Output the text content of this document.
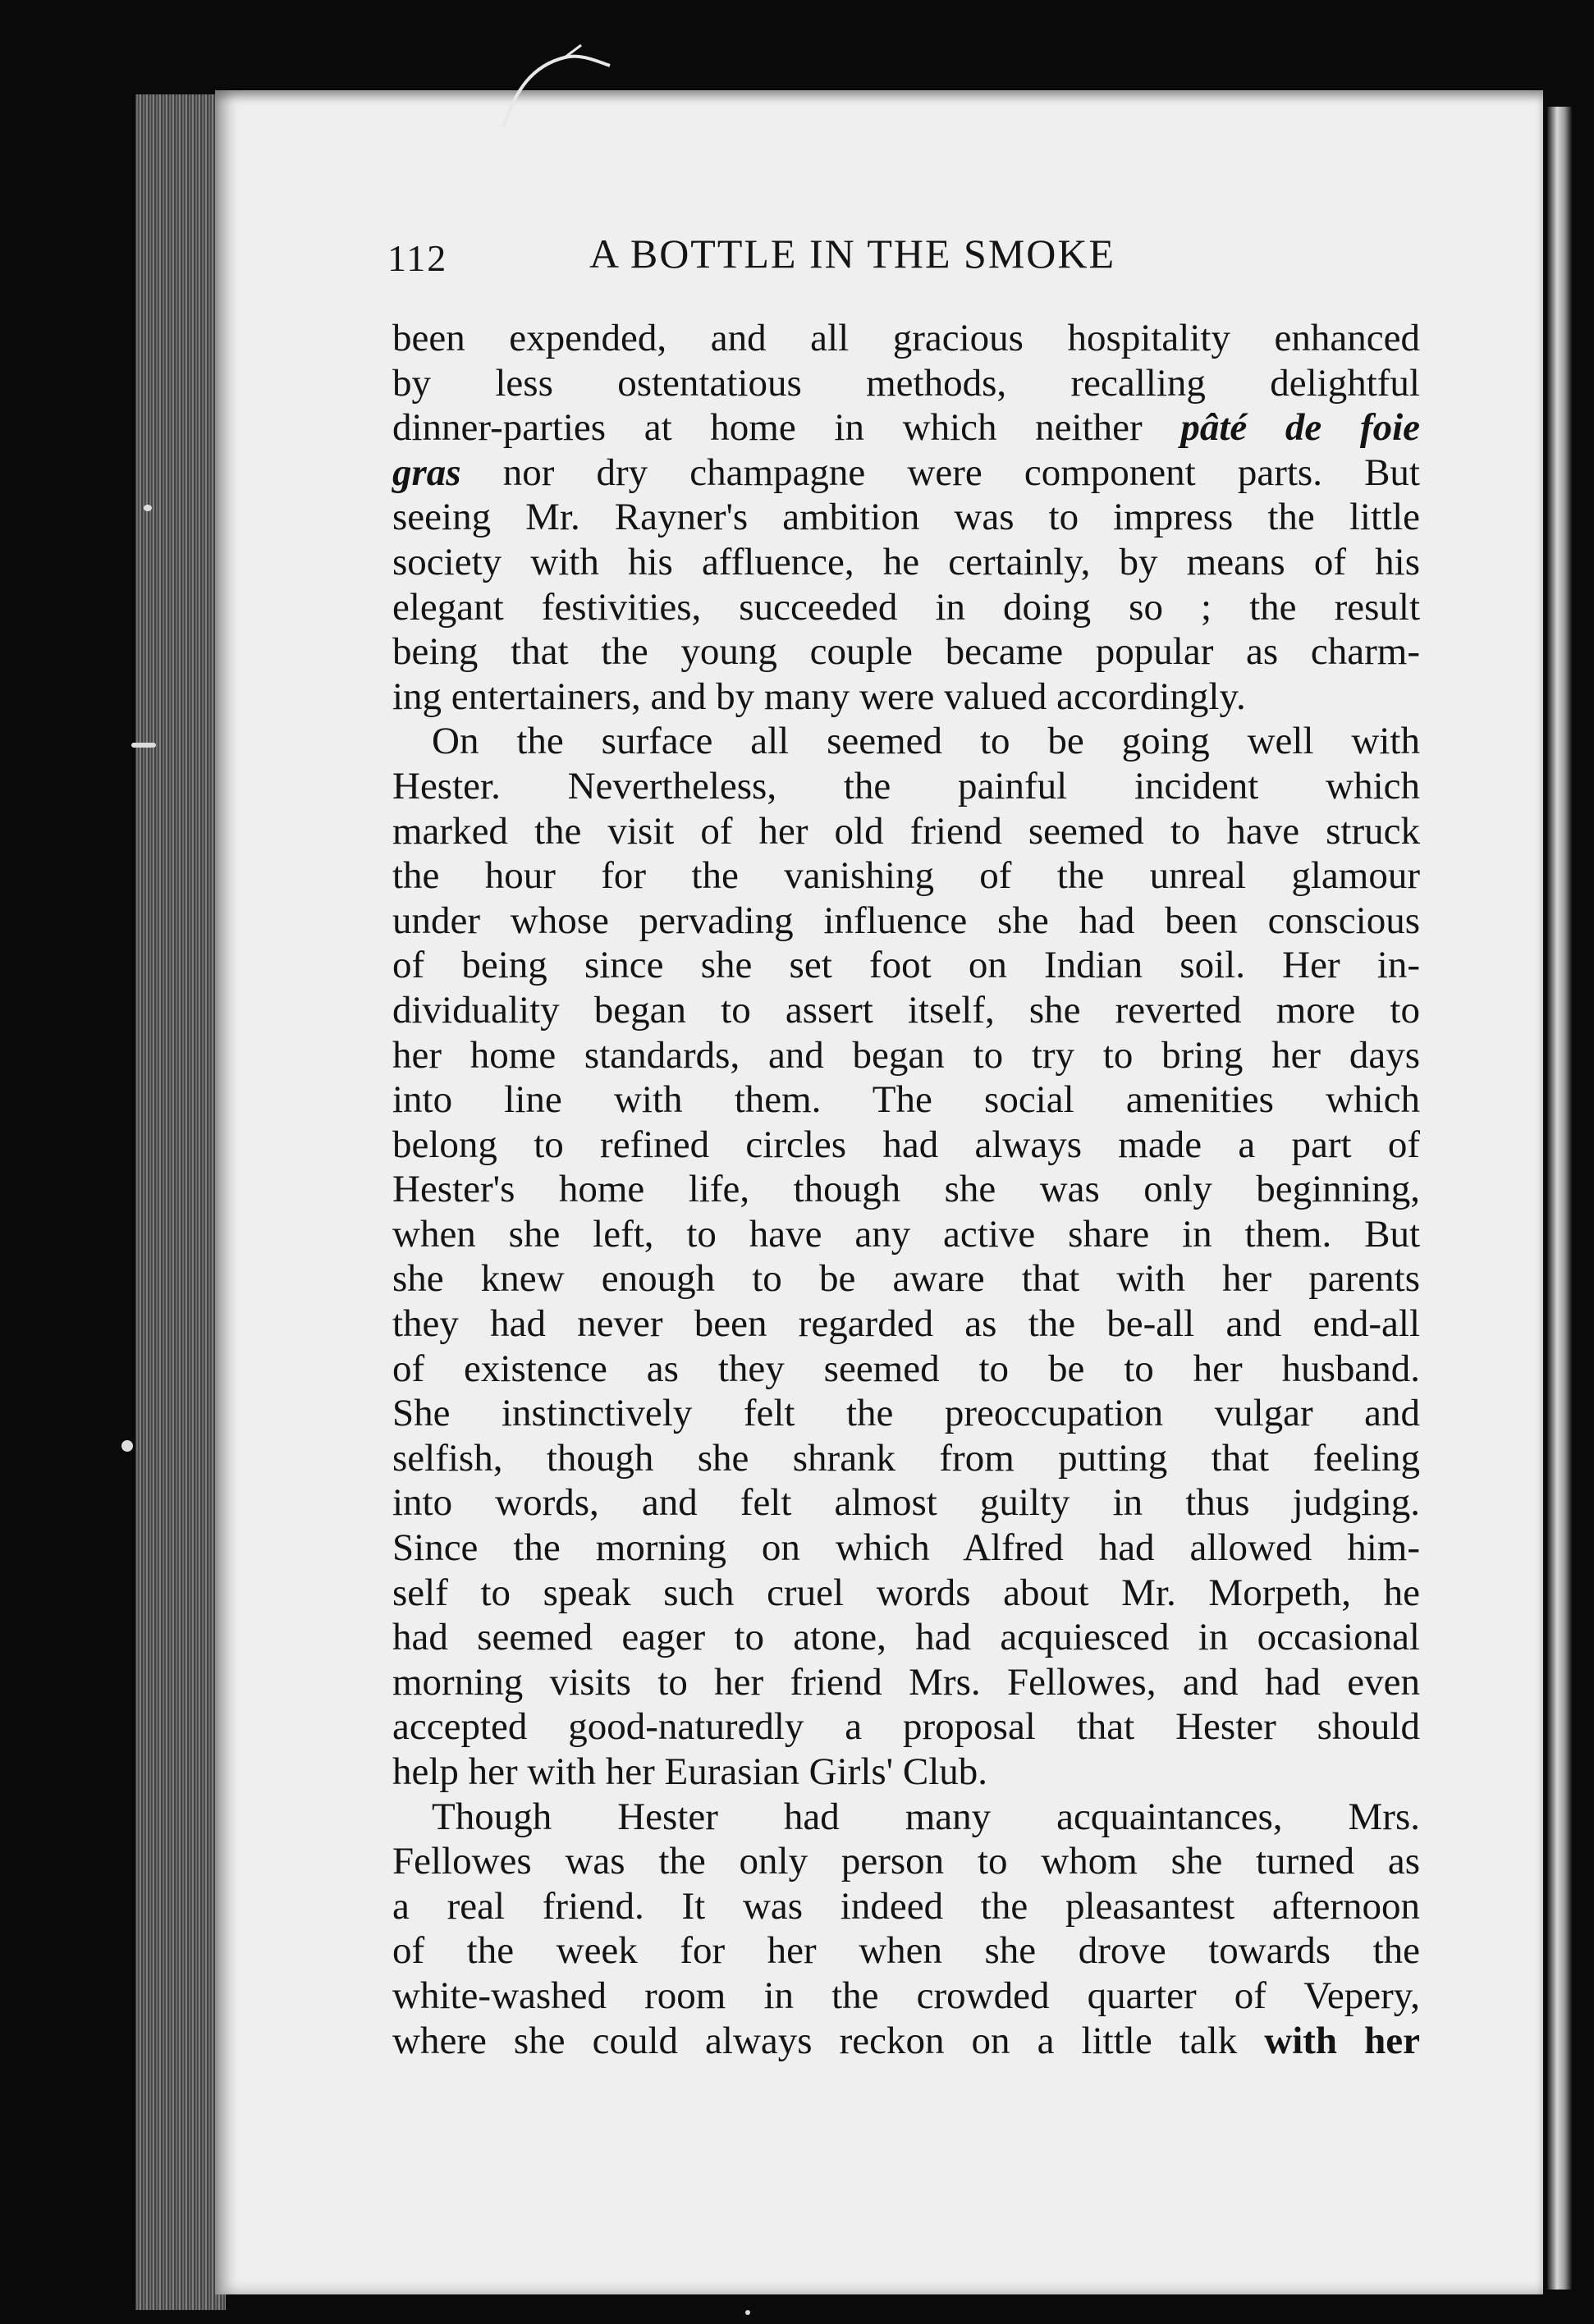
112	A BOTTLE IN THE SMOKE
been expended, and all gracious hospitality enhanced
by less ostentatious methods, recalling delightful
dinner-parties at home in which neither pâté de foie
gras nor dry champagne were component parts. But
seeing Mr. Rayner's ambition was to impress the little
society with his affluence, he certainly, by means of his
elegant festivities, succeeded in doing so ; the result
being that the young couple became popular as charm-
ing entertainers, and by many were valued accordingly.
On the surface all seemed to be going well with
Hester. Nevertheless, the painful incident which
marked the visit of her old friend seemed to have struck
the hour for the vanishing of the unreal glamour
under whose pervading influence she had been conscious
of being since she set foot on Indian soil. Her in-
dividuality began to assert itself, she reverted more to
her home standards, and began to try to bring her days
into line with them. The social amenities which
belong to refined circles had always made a part of
Hester's home life, though she was only beginning,
when she left, to have any active share in them. But
she knew enough to be aware that with her parents
they had never been regarded as the be-all and end-all
of existence as they seemed to be to her husband.
She instinctively felt the preoccupation vulgar and
selfish, though she shrank from putting that feeling
into words, and felt almost guilty in thus judging.
Since the morning on which Alfred had allowed him-
self to speak such cruel words about Mr. Morpeth, he
had seemed eager to atone, had acquiesced in occasional
morning visits to her friend Mrs. Fellowes, and had even
accepted good-naturedly a proposal that Hester should
help her with her Eurasian Girls' Club.
Though Hester had many acquaintances, Mrs.
Fellowes was the only person to whom she turned as
a real friend. It was indeed the pleasantest afternoon
of the week for her when she drove towards the
white-washed room in the crowded quarter of Vepery,
where she could always reckon on a little talk with her
